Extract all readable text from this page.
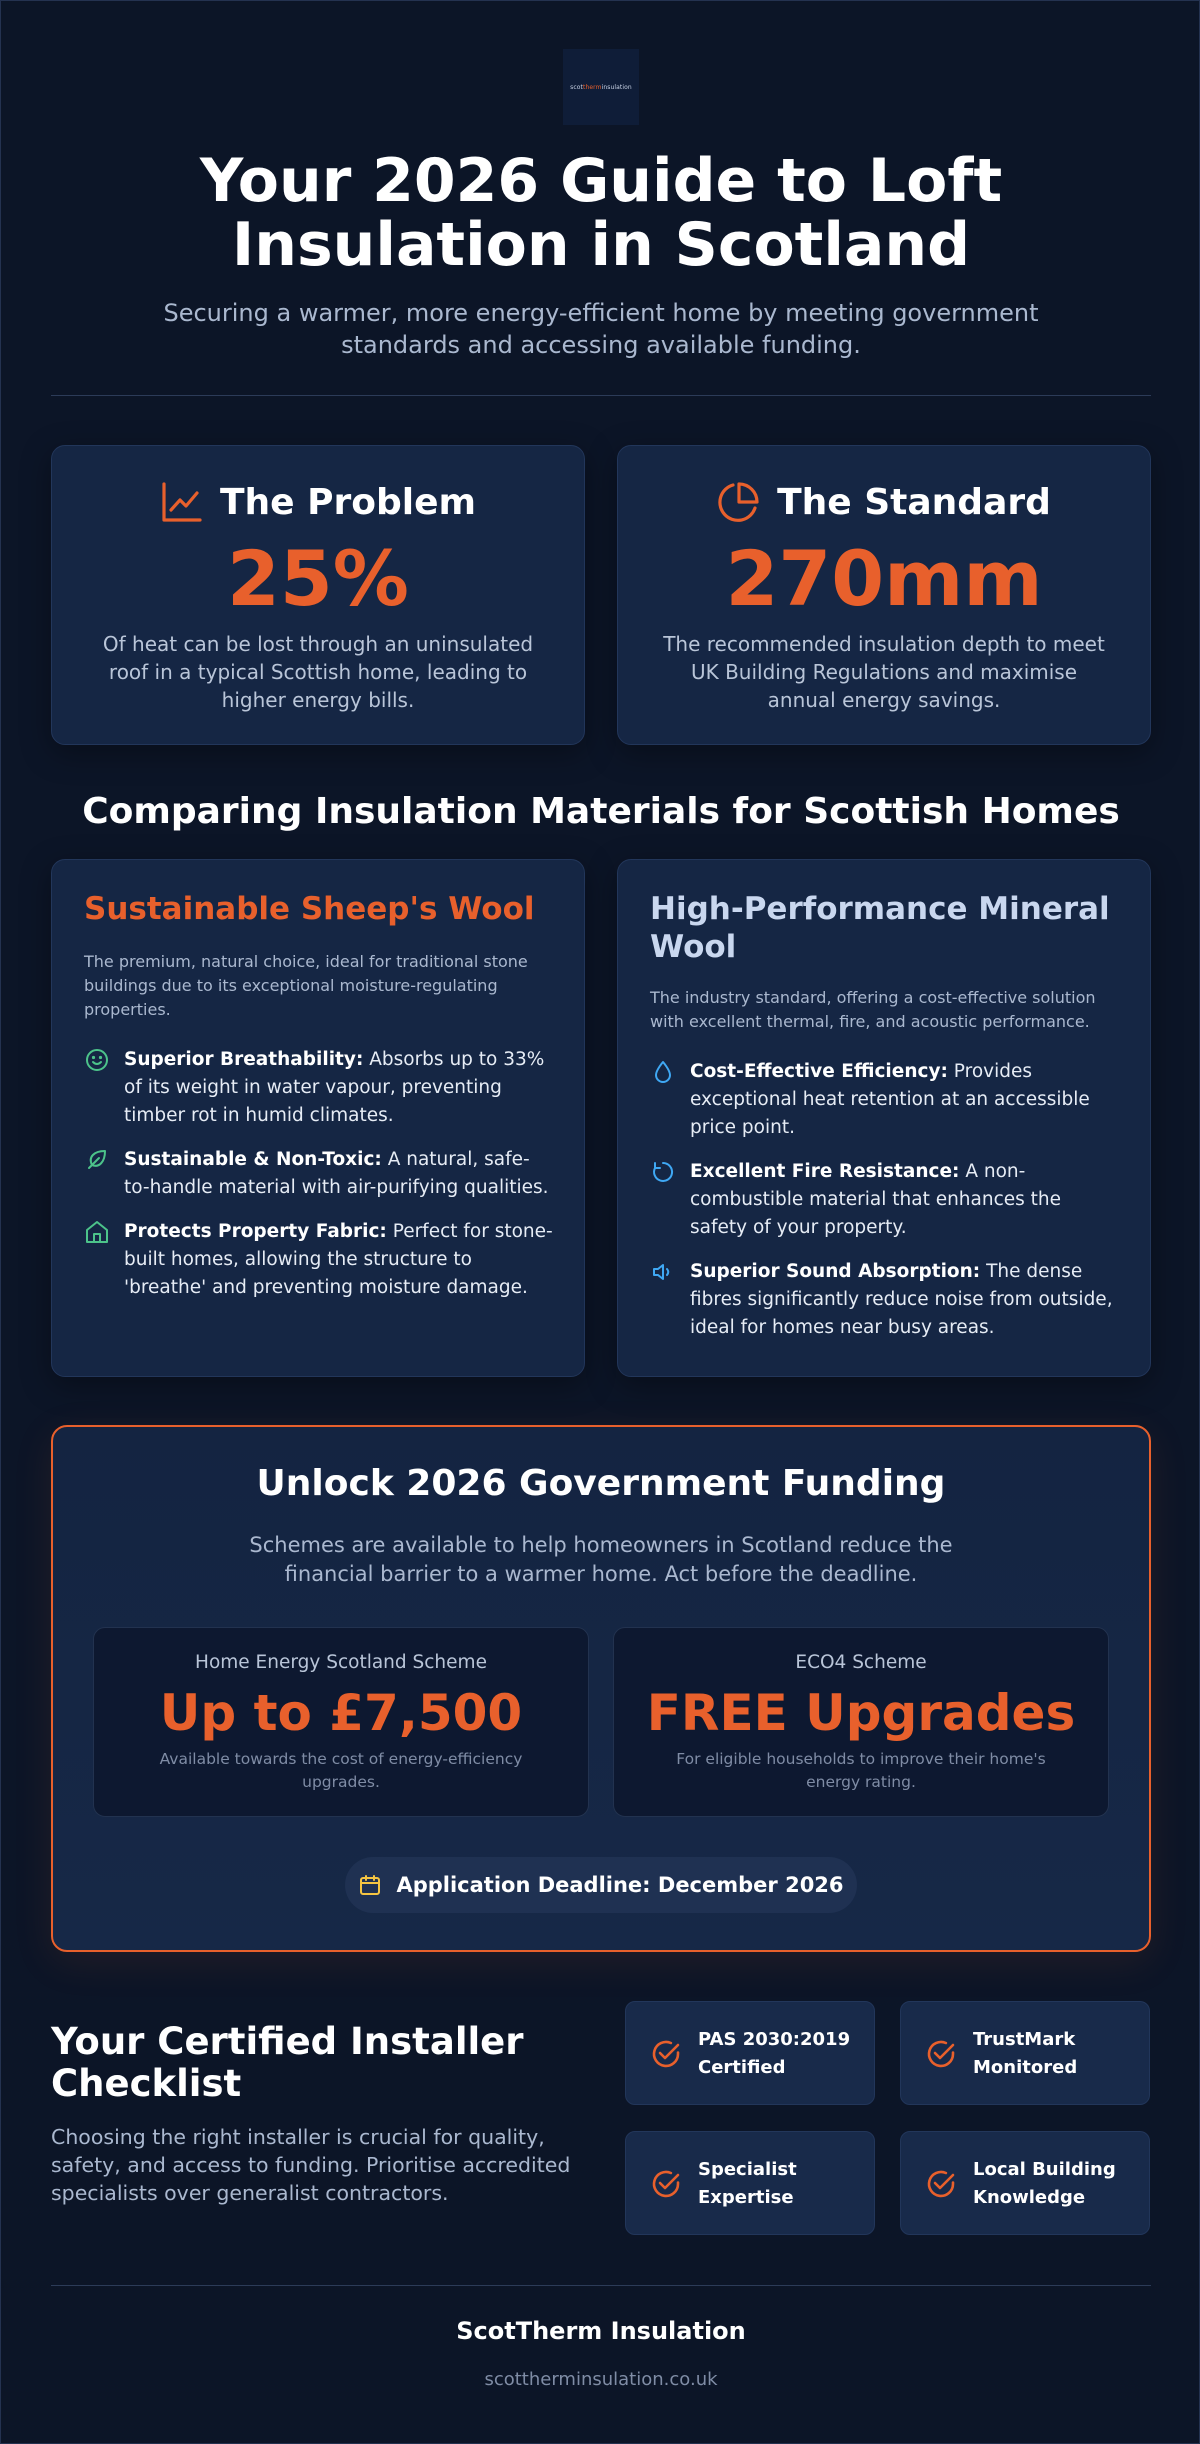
scottherminsulation
Your 2026 Guide to Loft Insulation in Scotland

Securing a warmer, more energy-efficient home by meeting government standards and accessing available funding.

The Problem
25%

Of heat can be lost through an uninsulated roof in a typical Scottish home, leading to higher energy bills.

The Standard
270mm

The recommended insulation depth to meet UK Building Regulations and maximise annual energy savings.

Comparing Insulation Materials for Scottish Homes
Sustainable Sheep's Wool

The premium, natural choice, ideal for traditional stone buildings due to its exceptional moisture-regulating properties.

Superior Breathability: Absorbs up to 33% of its weight in water vapour, preventing timber rot in humid climates.
Sustainable & Non-Toxic: A natural, safe-to-handle material with air-purifying qualities.
Protects Property Fabric: Perfect for stone-built homes, allowing the structure to 'breathe' and preventing moisture damage.
High-Performance Mineral Wool

The industry standard, offering a cost-effective solution with excellent thermal, fire, and acoustic performance.

Cost-Effective Efficiency: Provides exceptional heat retention at an accessible price point.
Excellent Fire Resistance: A non-combustible material that enhances the safety of your property.
Superior Sound Absorption: The dense fibres significantly reduce noise from outside, ideal for homes near busy areas.
Unlock 2026 Government Funding

Schemes are available to help homeowners in Scotland reduce the financial barrier to a warmer home. Act before the deadline.

Home Energy Scotland Scheme
Up to £7,500

Available towards the cost of energy-efficiency upgrades.

ECO4 Scheme
FREE Upgrades

For eligible households to improve their home's energy rating.

Application Deadline: December 2026
Your Certified Installer Checklist

Choosing the right installer is crucial for quality, safety, and access to funding. Prioritise accredited specialists over generalist contractors.

PAS 2030:2019 Certified
TrustMark Monitored
Specialist Expertise
Local Building Knowledge
ScotTherm Insulation
scottherminsulation.co.uk
